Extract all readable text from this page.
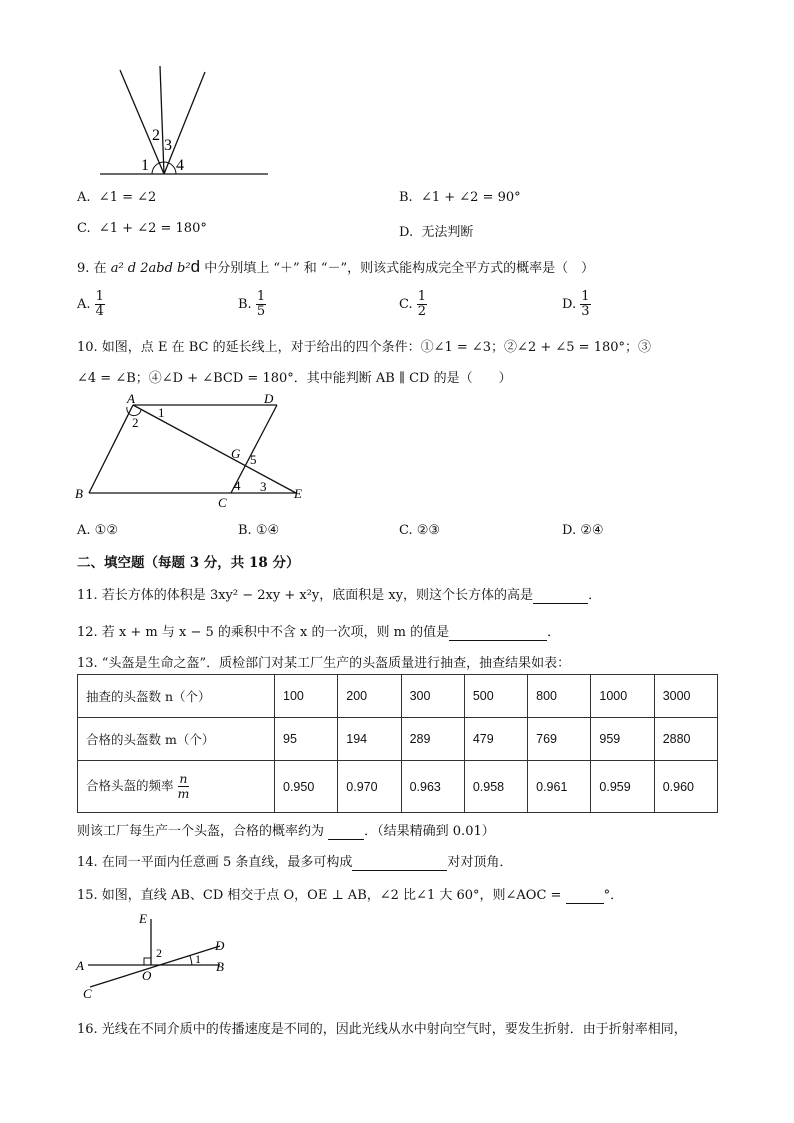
1
2
3
4
A. ∠1 = ∠2	B. ∠1 + ∠2 = 90°
C. ∠1 + ∠2 = 180°	D. 无法判断
9. 在 a² d 2abd b²d 中分别填上 “＋” 和 “－”，则该式能构成完全平方式的概率是（　）
A. $\frac{1}{4}$	B. $\frac{1}{5}$	C. $\frac{1}{2}$	D. $\frac{1}{3}$
10. 如图，点 E 在 BC 的延长线上，对于给出的四个条件：①∠1 = ∠3；②∠2 + ∠5 = 180°；③
∠4 = ∠B；④∠D + ∠BCD = 180°．其中能判断 AB ∥ CD 的是（　　）
A	D
B
C
E
G
1
2
3
4
5
A. ①②	B. ①④	C. ②③	D. ②④
二、填空题（每题 3 分，共 18 分）
11. 若长方体的体积是 3xy² − 2xy + x²y，底面积是 xy，则这个长方体的高是	．
12. 若 x + m 与 x − 5 的乘积中不含 x 的一次项，则 m 的值是	．
13. “头盔是生命之盔”．质检部门对某工厂生产的头盔质量进行抽查，抽查结果如表：
抽查的头盔数 n（个）	100	200	300	500	800	1000	3000
合格的头盔数 m（个）	95	194	289	479	769	959	2880
合格头盔的频率 $\frac{n}{m}$	0.950	0.970	0.963	0.958	0.961	0.959	0.960
则该工厂每生产一个头盔，合格的概率约为	．（结果精确到 0.01）
14. 在同一平面内任意画 5 条直线，最多可构成	对对顶角．
15. 如图，直线 AB、CD 相交于点 O，OE ⊥ AB，∠2 比∠1 大 60°，则∠AOC =	°．
E
D
A	B
O
C
1
2
16. 光线在不同介质中的传播速度是不同的，因此光线从水中射向空气时，要发生折射．由于折射率相同，
